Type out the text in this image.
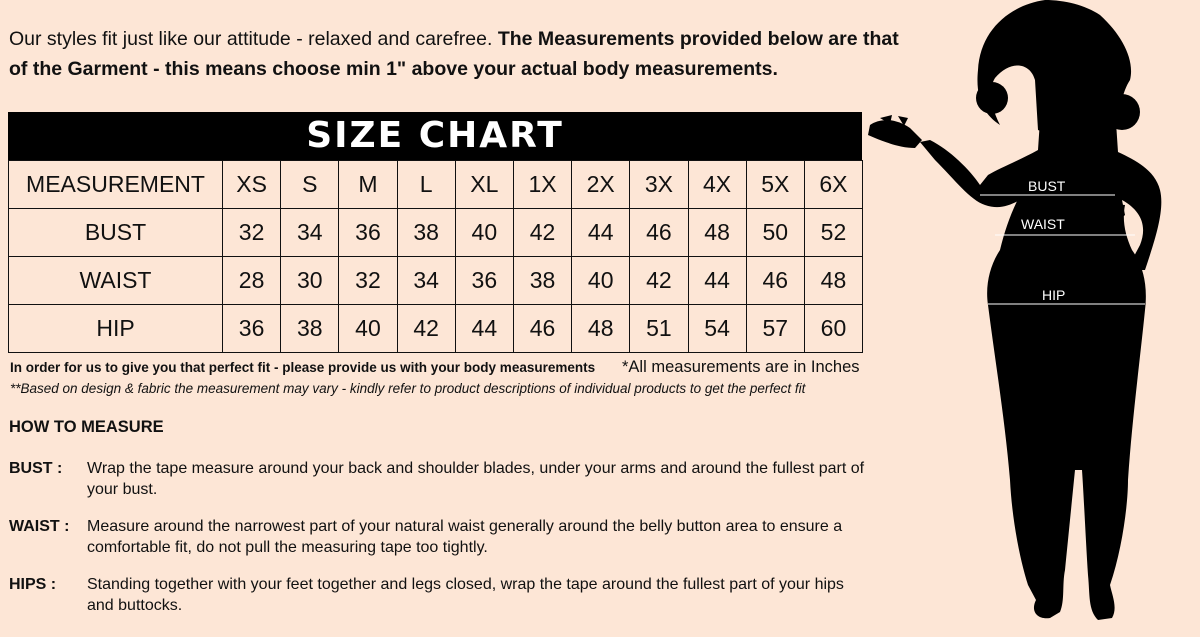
Our styles fit just like our attitude - relaxed and carefree. The Measurements provided below are that of the Garment - this means choose min 1" above your actual body measurements.

SIZE CHART
MEASUREMENT	XS	S	M	L	XL	1X	2X	3X	4X	5X	6X
BUST	32	34	36	38	40	42	44	46	48	50	52
WAIST	28	30	32	34	36	38	40	42	44	46	48
HIP	36	38	40	42	44	46	48	51	54	57	60
In order for us to give you that perfect fit - please provide us with your body measurements	*All measurements are in Inches
**Based on design & fabric the measurement may vary - kindly refer to product descriptions of individual products to get the perfect fit
HOW TO MEASURE
BUST : Wrap the tape measure around your back and shoulder blades, under your arms and around the fullest part of your bust.
WAIST : Measure around the narrowest part of your natural waist generally around the belly button area to ensure a comfortable fit, do not pull the measuring tape too tightly.
HIPS : Standing together with your feet together and legs closed, wrap the tape around the fullest part of your hips and buttocks.
BUST
WAIST
HIP
